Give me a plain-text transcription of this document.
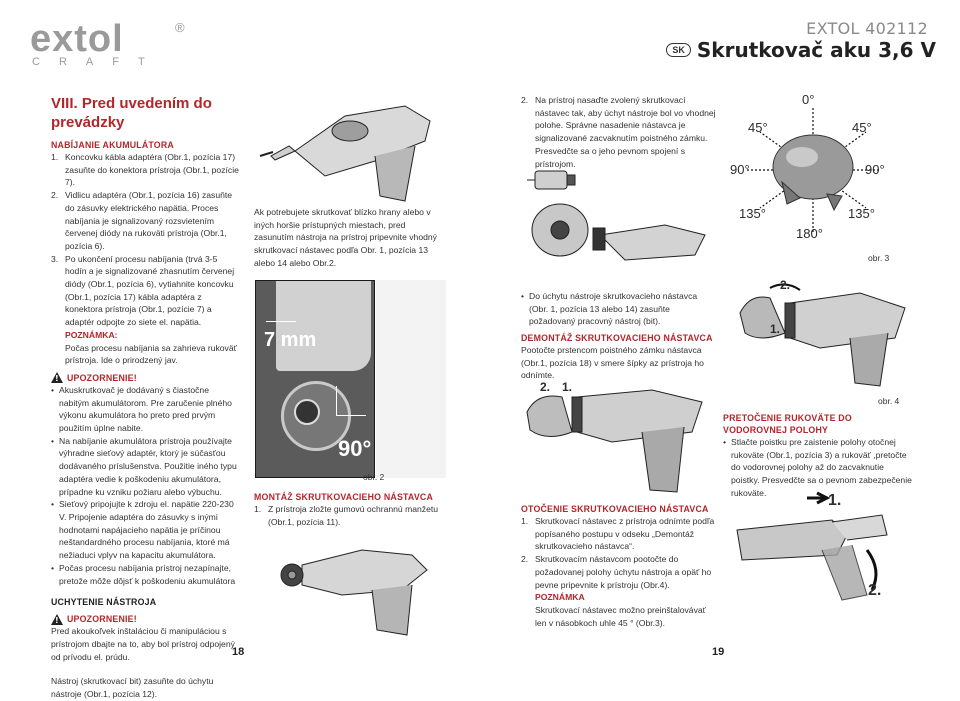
extol
CRAFT
®	EXTOL 402112
SK Skrutkovač aku 3,6 V
VIII. Pred uvedením do prevádzky
NABÍJANIE AKUMULÁTORA
1. Koncovku kábla adaptéra (Obr.1, pozícia 17) zasuňte do konektora prístroja (Obr.1, pozície 7).
2. Vidlicu adaptéra (Obr.1, pozícia 16) zasuňte do zásuvky elektrického napätia. Proces nabíjania je signalizovaný rozsvietením červenej diódy na rukoväti prístroja (Obr.1, pozícia 6).
3. Po ukončení procesu nabíjania (trvá 3-5 hodín a je signalizované zhasnutím červenej diódy (Obr.1, pozícia 6), vytiahnite koncovku (Obr.1, pozícia 17) kábla adaptéra z konektora prístroja (Obr.1, pozície 7) a adaptér odpojte zo siete el. napätia.
POZNÁMKA:
Počas procesu nabíjania sa zahrieva rukoväť prístroja. Ide o prirodzený jav.
!
UPOZORNENIE!
• Akuskrutkovač je dodávaný s čiastočne nabitým akumulátorom. Pre zaručenie plného výkonu akumulátora ho preto pred prvým použitím úplne nabite.
• Na nabíjanie akumulátora prístroja používajte výhradne sieťový adaptér, ktorý je súčasťou dodávaného príslušenstva. Použitie iného typu adaptéra vedie k poškodeniu akumulátora, prípadne ku vzniku požiaru alebo výbuchu.
• Sieťový pripojujte k zdroju el. napätie 220-230 V. Pripojenie adaptéra do zásuvky s inými hodnotami napájacieho napätia je príčinou neštandardného procesu nabíjania, ktoré má nežiaduci vplyv na kapacitu akumulátora.
• Počas procesu nabíjania prístroj nezapínajte, pretože môže dôjsť k poškodeniu akumulátora
UCHYTENIE NÁSTROJA
!
UPOZORNENIE!
Pred akoukoľvek inštaláciou či manipuláciou s prístrojom dbajte na to, aby bol prístroj odpojený od prívodu el. prúdu.
Nástroj (skrutkovací bit) zasuňte do úchytu nástroje (Obr.1, pozícia 12).
18
Ak potrebujete skrutkovať blízko hrany alebo v iných horšie prístupných miestach, pred zasunutím nástroja na prístroj pripevnite vhodný skrutkovací nástavec podľa Obr. 1, pozícia 13 alebo 14 alebo Obr.2.
7 mm
90°
obr. 2
MONTÁŽ SKRUTKOVACIEHO NÁSTAVCA
1. Z prístroja zložte gumovú ochrannú manžetu (Obr.1, pozícia 11).
2. Na prístroj nasaďte zvolený skrutkovací nástavec tak, aby úchyt nástroje bol vo vhodnej polohe. Správne nasadenie nástavca je signalizované zacvaknutím poistného zámku. Presvedčte sa o jeho pevnom spojení s prístrojom.
0°
45°	45°
90°	90°
135°	135°
180°
obr. 3
• Do úchytu nástroje skrutkovacieho nástavca (Obr. 1, pozícia 13 alebo 14) zasuňte požadovaný pracovný nástroj (bit).
DEMONTÁŽ SKRUTKOVACIEHO NÁSTAVCA
Pootočte prstencom poistného zámku nástavca (Obr.1, pozícia 18) v smere šípky az prístroja ho odnímte.
2.
1.
2. 1.
obr. 4
PRETOČENIE RUKOVÄTE DO VODOROVNEJ POLOHY
• Stlačte poistku pre zaistenie polohy otočnej rukoväte (Obr.1, pozícia 3) a rukoväť ,pretočte do vodorovnej polohy až do zacvaknutie poistky. Presvedčte sa o pevnom zabezpečenie rukoväte.
OTOČENIE SKRUTKOVACIEHO NÁSTAVCA
1. Skrutkovací nástavec z prístroja odnímte podľa popísaného postupu v odseku „Demontáž skrutkovacieho nástavca“.
2. Skrutkovacím nástavcom pootočte do požadovanej polohy úchytu nástroja a opäť ho pevne pripevnite k prístroju (Obr.4).
POZNÁMKA
Skrutkovací nástavec možno preinštalovávať len v násobkoch uhle 45 ° (Obr.3).
1.
2.
19
